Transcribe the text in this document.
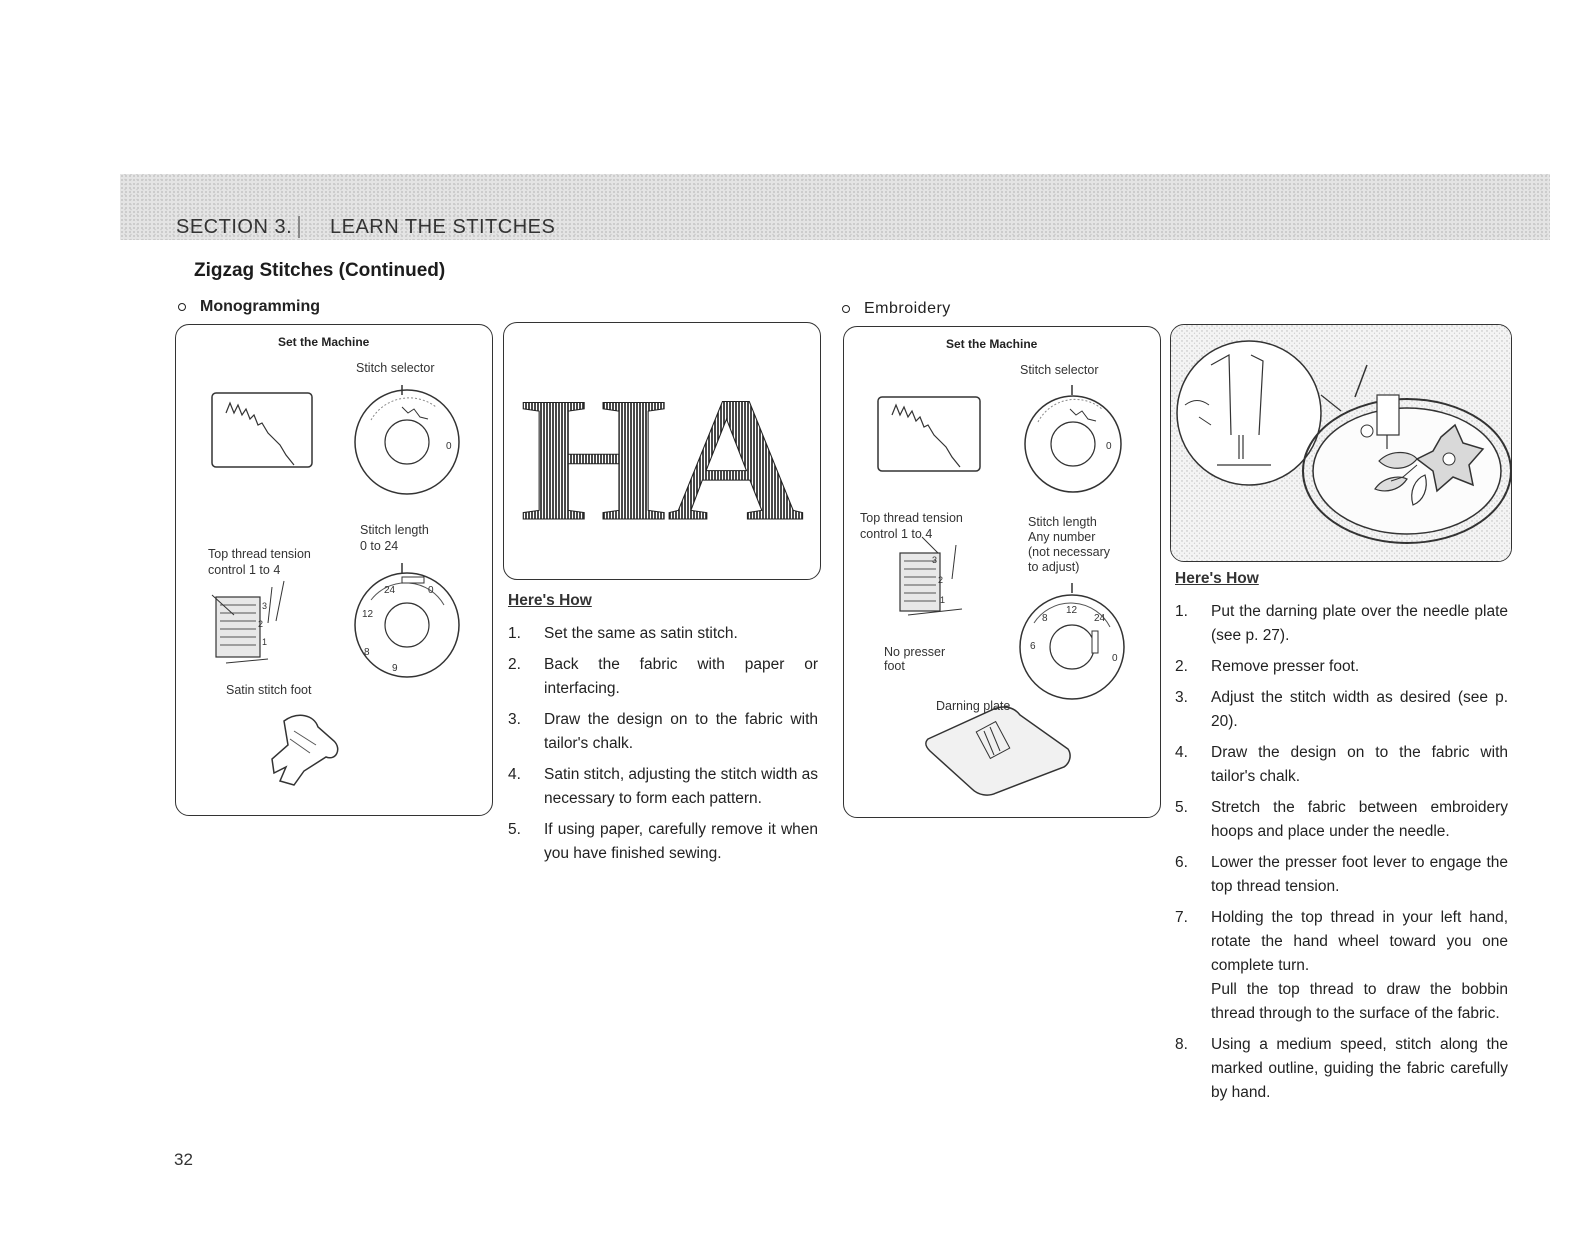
SECTION 3. LEARN THE STITCHES
Zigzag Stitches (Continued)
Monogramming
Set the Machine
Stitch selector
0
24	0
12
8
9
3
2
1
Stitch length
0 to 24
Top thread tension
control 1 to 4
Satin stitch foot
HA
Here's How
1. Set the same as satin stitch.
2. Back the fabric with paper or interfacing.
3. Draw the design on to the fabric with tailor's chalk.
4. Satin stitch, adjusting the stitch width as necessary to form each pattern.
5. If using paper, carefully remove it when you have finished sewing.
Embroidery
Set the Machine
Stitch selector
0
12
24
8
6
0
3
2
1
Top thread tension
control 1 to 4
Stitch length
Any number
(not necessary
to adjust)
No presser
foot
Darning plate
Here's How
1. Put the darning plate over the needle plate (see p. 27).
2. Remove presser foot.
3. Adjust the stitch width as desired (see p. 20).
4. Draw the design on to the fabric with tailor's chalk.
5. Stretch the fabric between embroidery hoops and place under the needle.
6. Lower the presser foot lever to engage the top thread tension.
7. Holding the top thread in your left hand, rotate the hand wheel toward you one complete turn.
Pull the top thread to draw the bobbin thread through to the surface of the fabric.
8. Using a medium speed, stitch along the marked outline, guiding the fabric carefully by hand.
32
